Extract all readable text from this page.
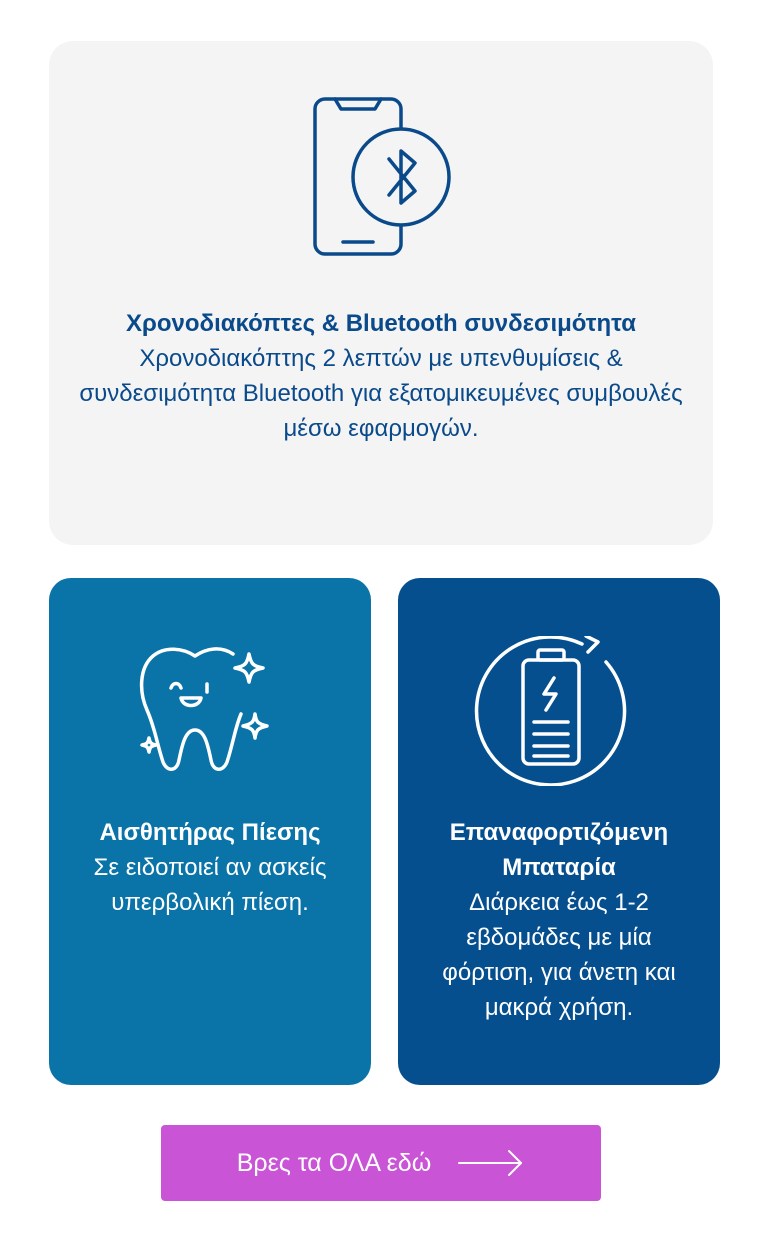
Χρονοδιακόπτες & Bluetooth συνδεσιμότητα
Χρονοδιακόπτης 2 λεπτών με υπενθυμίσεις & συνδεσιμότητα Bluetooth για εξατομικευμένες συμβουλές μέσω εφαρμογών.
Αισθητήρας Πίεσης
Σε ειδοποιεί αν ασκείς υπερβολική πίεση.
Επαναφορτιζόμενη Μπαταρία
Διάρκεια έως 1-2 εβδομάδες με μία φόρτιση, για άνετη και μακρά χρήση.
Βρες τα ΟΛΑ εδώ
